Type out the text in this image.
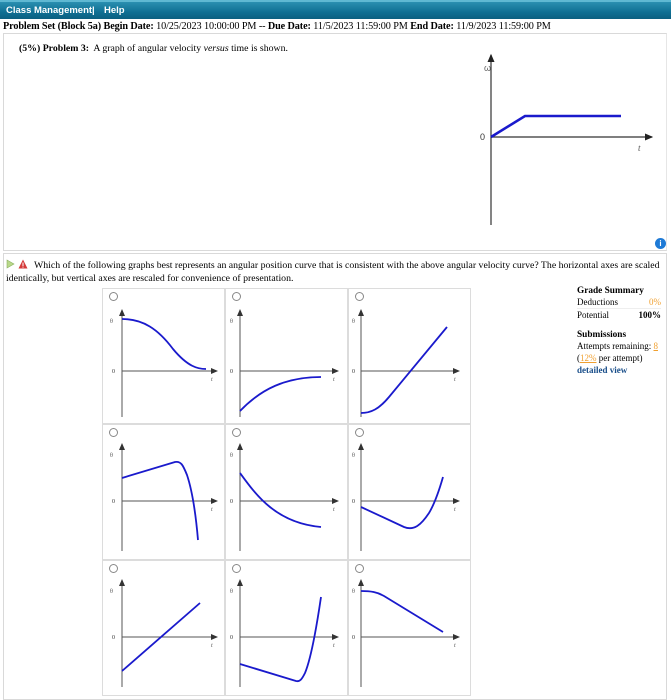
Class Management | Help
Problem Set (Block 5a) Begin Date: 10/25/2023 10:00:00 PM -- Due Date: 11/5/2023 11:59:00 PM End Date: 11/9/2023 11:59:00 PM
(5%) Problem 3: A graph of angular velocity versus time is shown.
ω
0
t
i
Which of the following graphs best represents an angular position curve that is consistent with the above angular velocity curve? The horizontal axes are scaled identically, but vertical axes are rescaled for convenience of presentation.
θ
0
t
θ
0
t
θ
0
t
θ
0
t
θ
0
t
θ
0
t
θ
0
t
θ
0
t
θ
0
t
Grade Summary
Deductions	0%
Potential	100%
Submissions
Attempts remaining: 8
(12% per attempt)
detailed view
